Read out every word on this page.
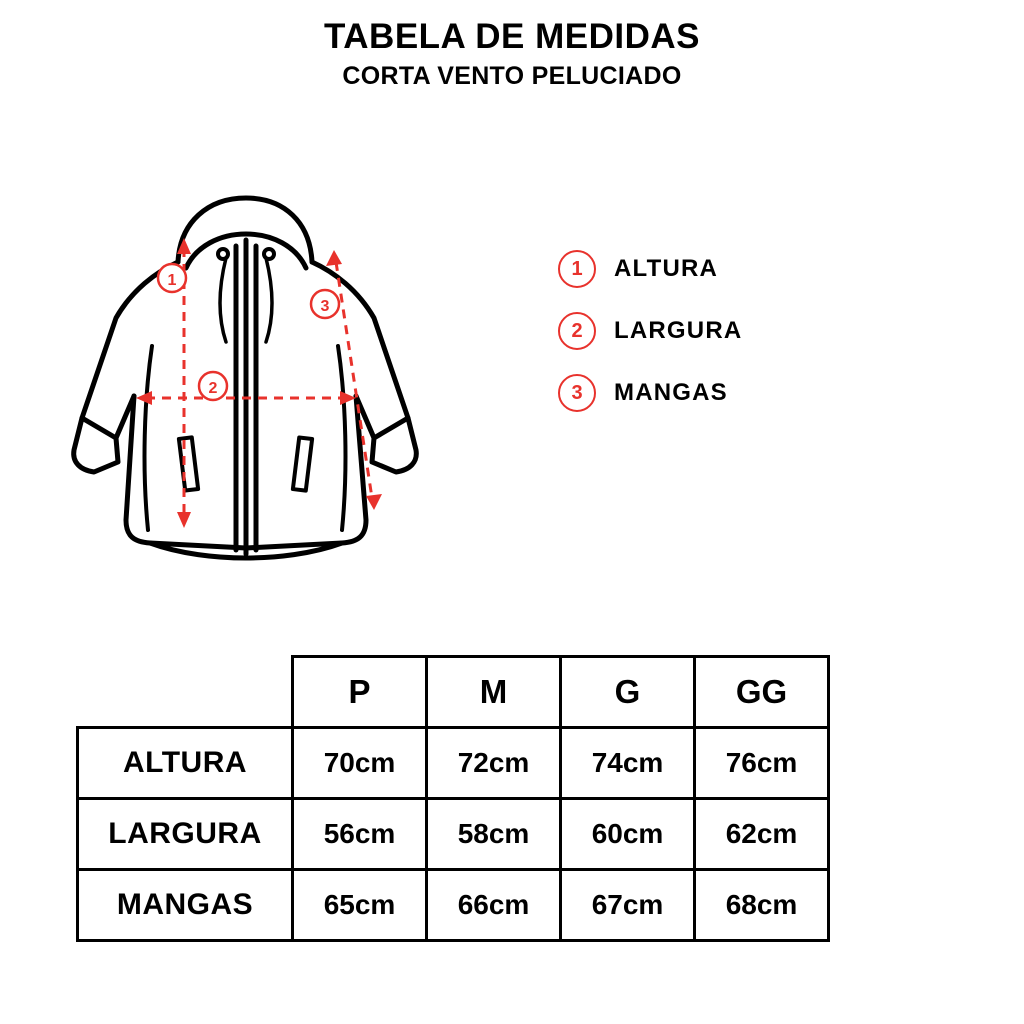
TABELA DE MEDIDAS
CORTA VENTO PELUCIADO
1
2
3
1	ALTURA
2	LARGURA
3	MANGAS
	P	M	G	GG
ALTURA	70cm	72cm	74cm	76cm
LARGURA	56cm	58cm	60cm	62cm
MANGAS	65cm	66cm	67cm	68cm
